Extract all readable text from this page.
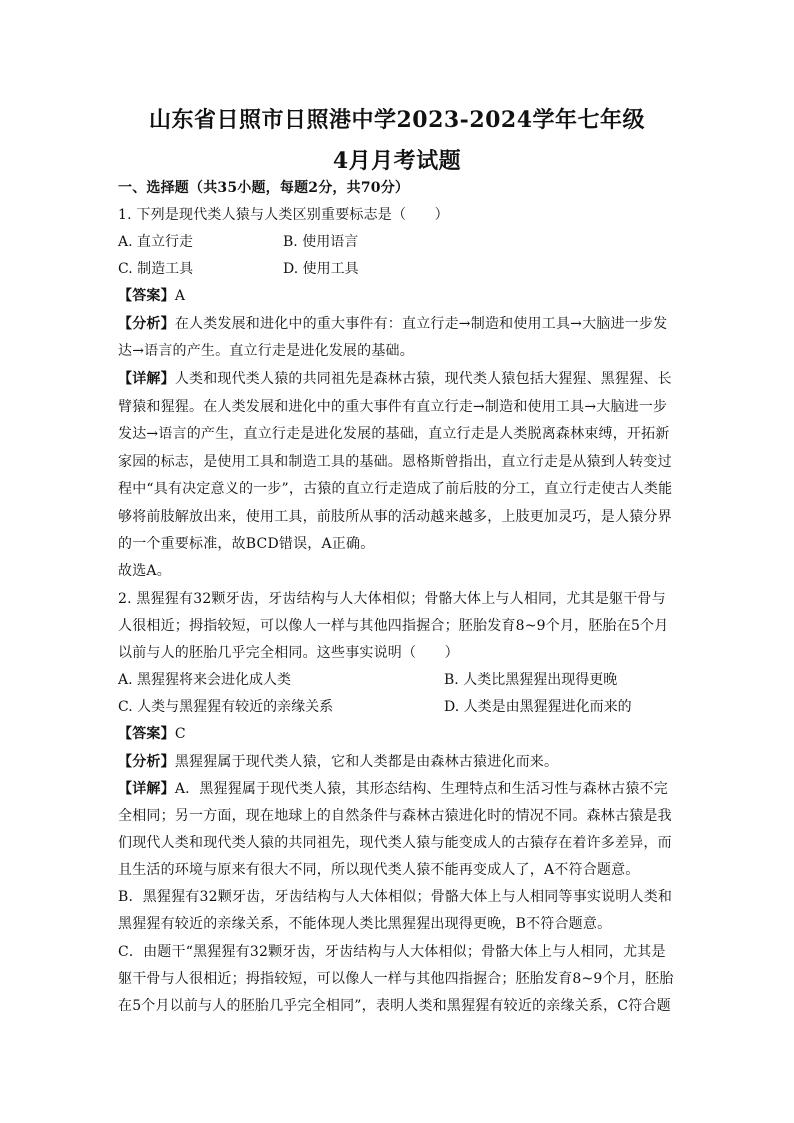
山东省日照市日照港中学2023-2024学年七年级
4月月考试题
一、选择题（共35小题，每题2分，共70分）
1. 下列是现代类人猿与人类区别重要标志是（　　）
A. 直立行走	B. 使用语言
C. 制造工具	D. 使用工具
【答案】A
【分析】在人类发展和进化中的重大事件有：直立行走→制造和使用工具→大脑进一步发
达→语言的产生。直立行走是进化发展的基础。
【详解】人类和现代类人猿的共同祖先是森林古猿，现代类人猿包括大猩猩、黑猩猩、长
臂猿和猩猩。在人类发展和进化中的重大事件有直立行走→制造和使用工具→大脑进一步
发达→语言的产生，直立行走是进化发展的基础，直立行走是人类脱离森林束缚，开拓新
家园的标志，是使用工具和制造工具的基础。恩格斯曾指出，直立行走是从猿到人转变过
程中“具有决定意义的一步”，古猿的直立行走造成了前后肢的分工，直立行走使古人类能
够将前肢解放出来，使用工具，前肢所从事的活动越来越多，上肢更加灵巧，是人猿分界
的一个重要标准，故BCD错误，A正确。
故选A。
2. 黑猩猩有32颗牙齿，牙齿结构与人大体相似；骨骼大体上与人相同，尤其是躯干骨与
人很相近；拇指较短，可以像人一样与其他四指握合；胚胎发育8~9个月，胚胎在5个月
以前与人的胚胎几乎完全相同。这些事实说明（　　）
A. 黑猩猩将来会进化成人类	B. 人类比黑猩猩出现得更晚
C. 人类与黑猩猩有较近的亲缘关系	D. 人类是由黑猩猩进化而来的
【答案】C
【分析】黑猩猩属于现代类人猿，它和人类都是由森林古猿进化而来。
【详解】A．黑猩猩属于现代类人猿，其形态结构、生理特点和生活习性与森林古猿不完
全相同；另一方面，现在地球上的自然条件与森林古猿进化时的情况不同。森林古猿是我
们现代人类和现代类人猿的共同祖先，现代类人猿与能变成人的古猿存在着许多差异，而
且生活的环境与原来有很大不同，所以现代类人猿不能再变成人了，A不符合题意。
B．黑猩猩有32颗牙齿，牙齿结构与人大体相似；骨骼大体上与人相同等事实说明人类和
黑猩猩有较近的亲缘关系，不能体现人类比黑猩猩出现得更晚，B不符合题意。
C．由题干“黑猩猩有32颗牙齿，牙齿结构与人大体相似；骨骼大体上与人相同，尤其是
躯干骨与人很相近；拇指较短，可以像人一样与其他四指握合；胚胎发育8~9个月，胚胎
在5个月以前与人的胚胎几乎完全相同”，表明人类和黑猩猩有较近的亲缘关系，C符合题
